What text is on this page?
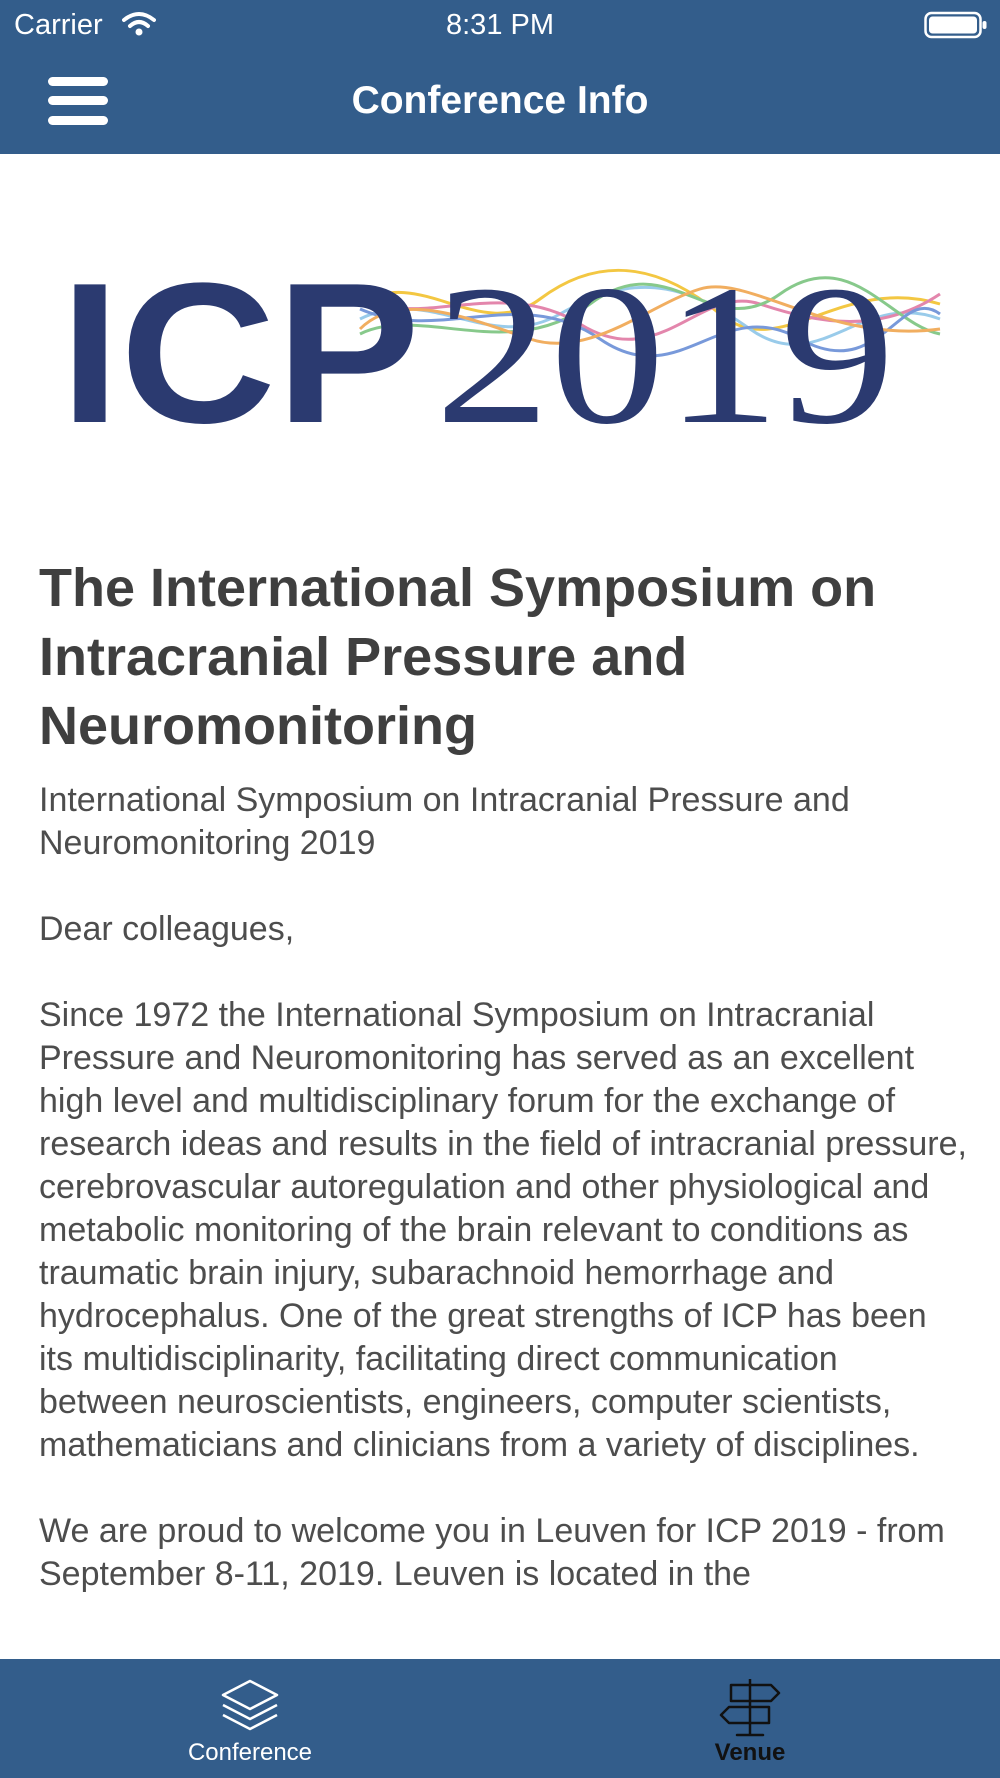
Carrier	8:31 PM
Conference Info
ICP 2019
The International Symposium on Intracranial Pressure and Neuromonitoring

International Symposium on Intracranial Pressure and Neuromonitoring 2019

Dear colleagues,

Since 1972 the International Symposium on Intracranial Pressure and Neuromonitoring has served as an excellent high level and multidisciplinary forum for the exchange of research ideas and results in the field of intracranial pressure, cerebrovascular autoregulation and other physiological and metabolic monitoring of the brain relevant to conditions as traumatic brain injury, subarachnoid hemorrhage and hydrocephalus. One of the great strengths of ICP has been its multidisciplinarity, facilitating direct communication between neuroscientists, engineers, computer scientists, mathematicians and clinicians from a variety of disciplines.

We are proud to welcome you in Leuven for ICP 2019 - from September 8-11, 2019. Leuven is located in the

Conference	Venue
